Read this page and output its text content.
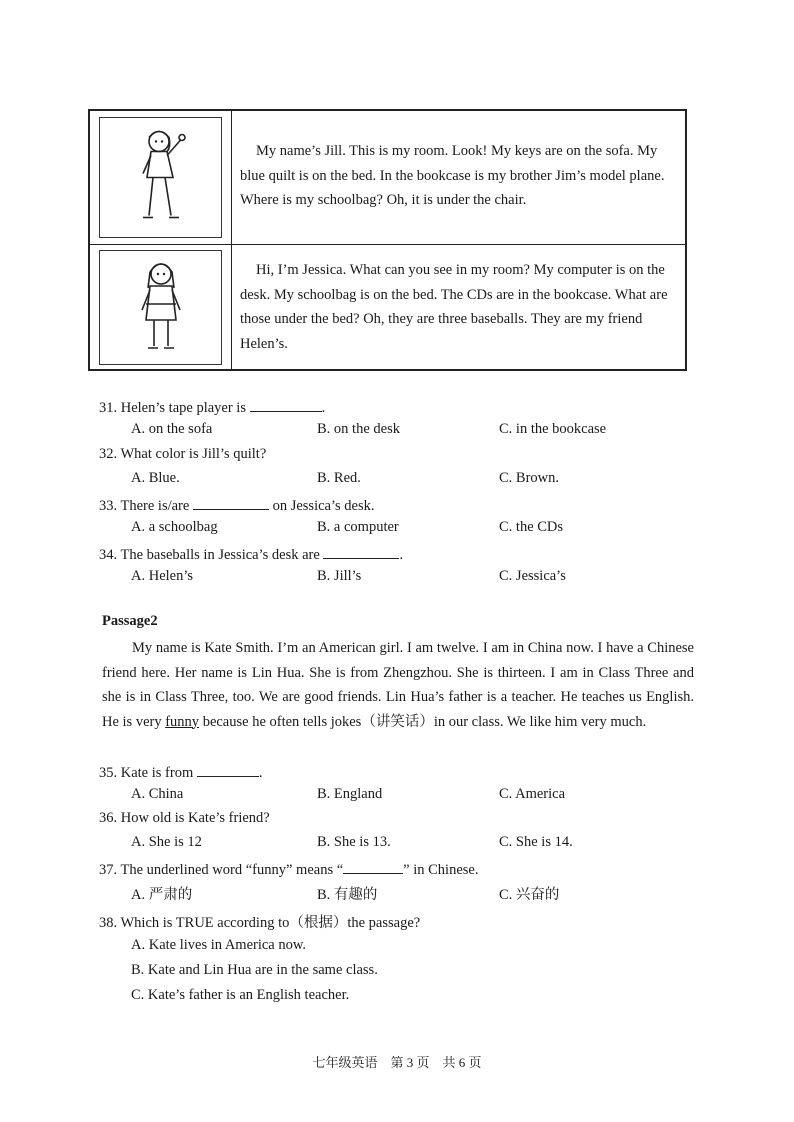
My name’s Jill. This is my room. Look! My keys are on the sofa. My blue quilt is on the bed. In the bookcase is my brother Jim’s model plane. Where is my schoolbag? Oh, it is under the chair.
Hi, I’m Jessica. What can you see in my room? My computer is on the desk. My schoolbag is on the bed. The CDs are in the bookcase. What are those under the bed? Oh, they are three baseballs. They are my friend Helen’s.
31. Helen’s tape player is	.
A. on the sofa	B. on the desk	C. in the bookcase
32. What color is Jill’s quilt?
A. Blue.	B. Red.	C. Brown.
33. There is/are	on Jessica’s desk.
A. a schoolbag	B. a computer	C. the CDs
34. The baseballs in Jessica’s desk are	.
A. Helen’s	B. Jill’s	C. Jessica’s
Passage2

My name is Kate Smith. I’m an American girl. I am twelve. I am in China now. I have a Chinese friend here. Her name is Lin Hua. She is from Zhengzhou. She is thirteen. I am in Class Three and she is in Class Three, too. We are good friends. Lin Hua’s father is a teacher. He teaches us English. He is very funny because he often tells jokes（讲笑话）in our class. We like him very much.

35. Kate is from	.
A. China	B. England	C. America
36. How old is Kate’s friend?
A. She is 12	B. She is 13.	C. She is 14.
37. The underlined word “funny” means “	” in Chinese.
A. 严肃的	B. 有趣的	C. 兴奋的
38. Which is TRUE according to（根据）the passage?
A. Kate lives in America now.
B. Kate and Lin Hua are in the same class.
C. Kate’s father is an English teacher.
七年级英语　第 3 页　共 6 页
